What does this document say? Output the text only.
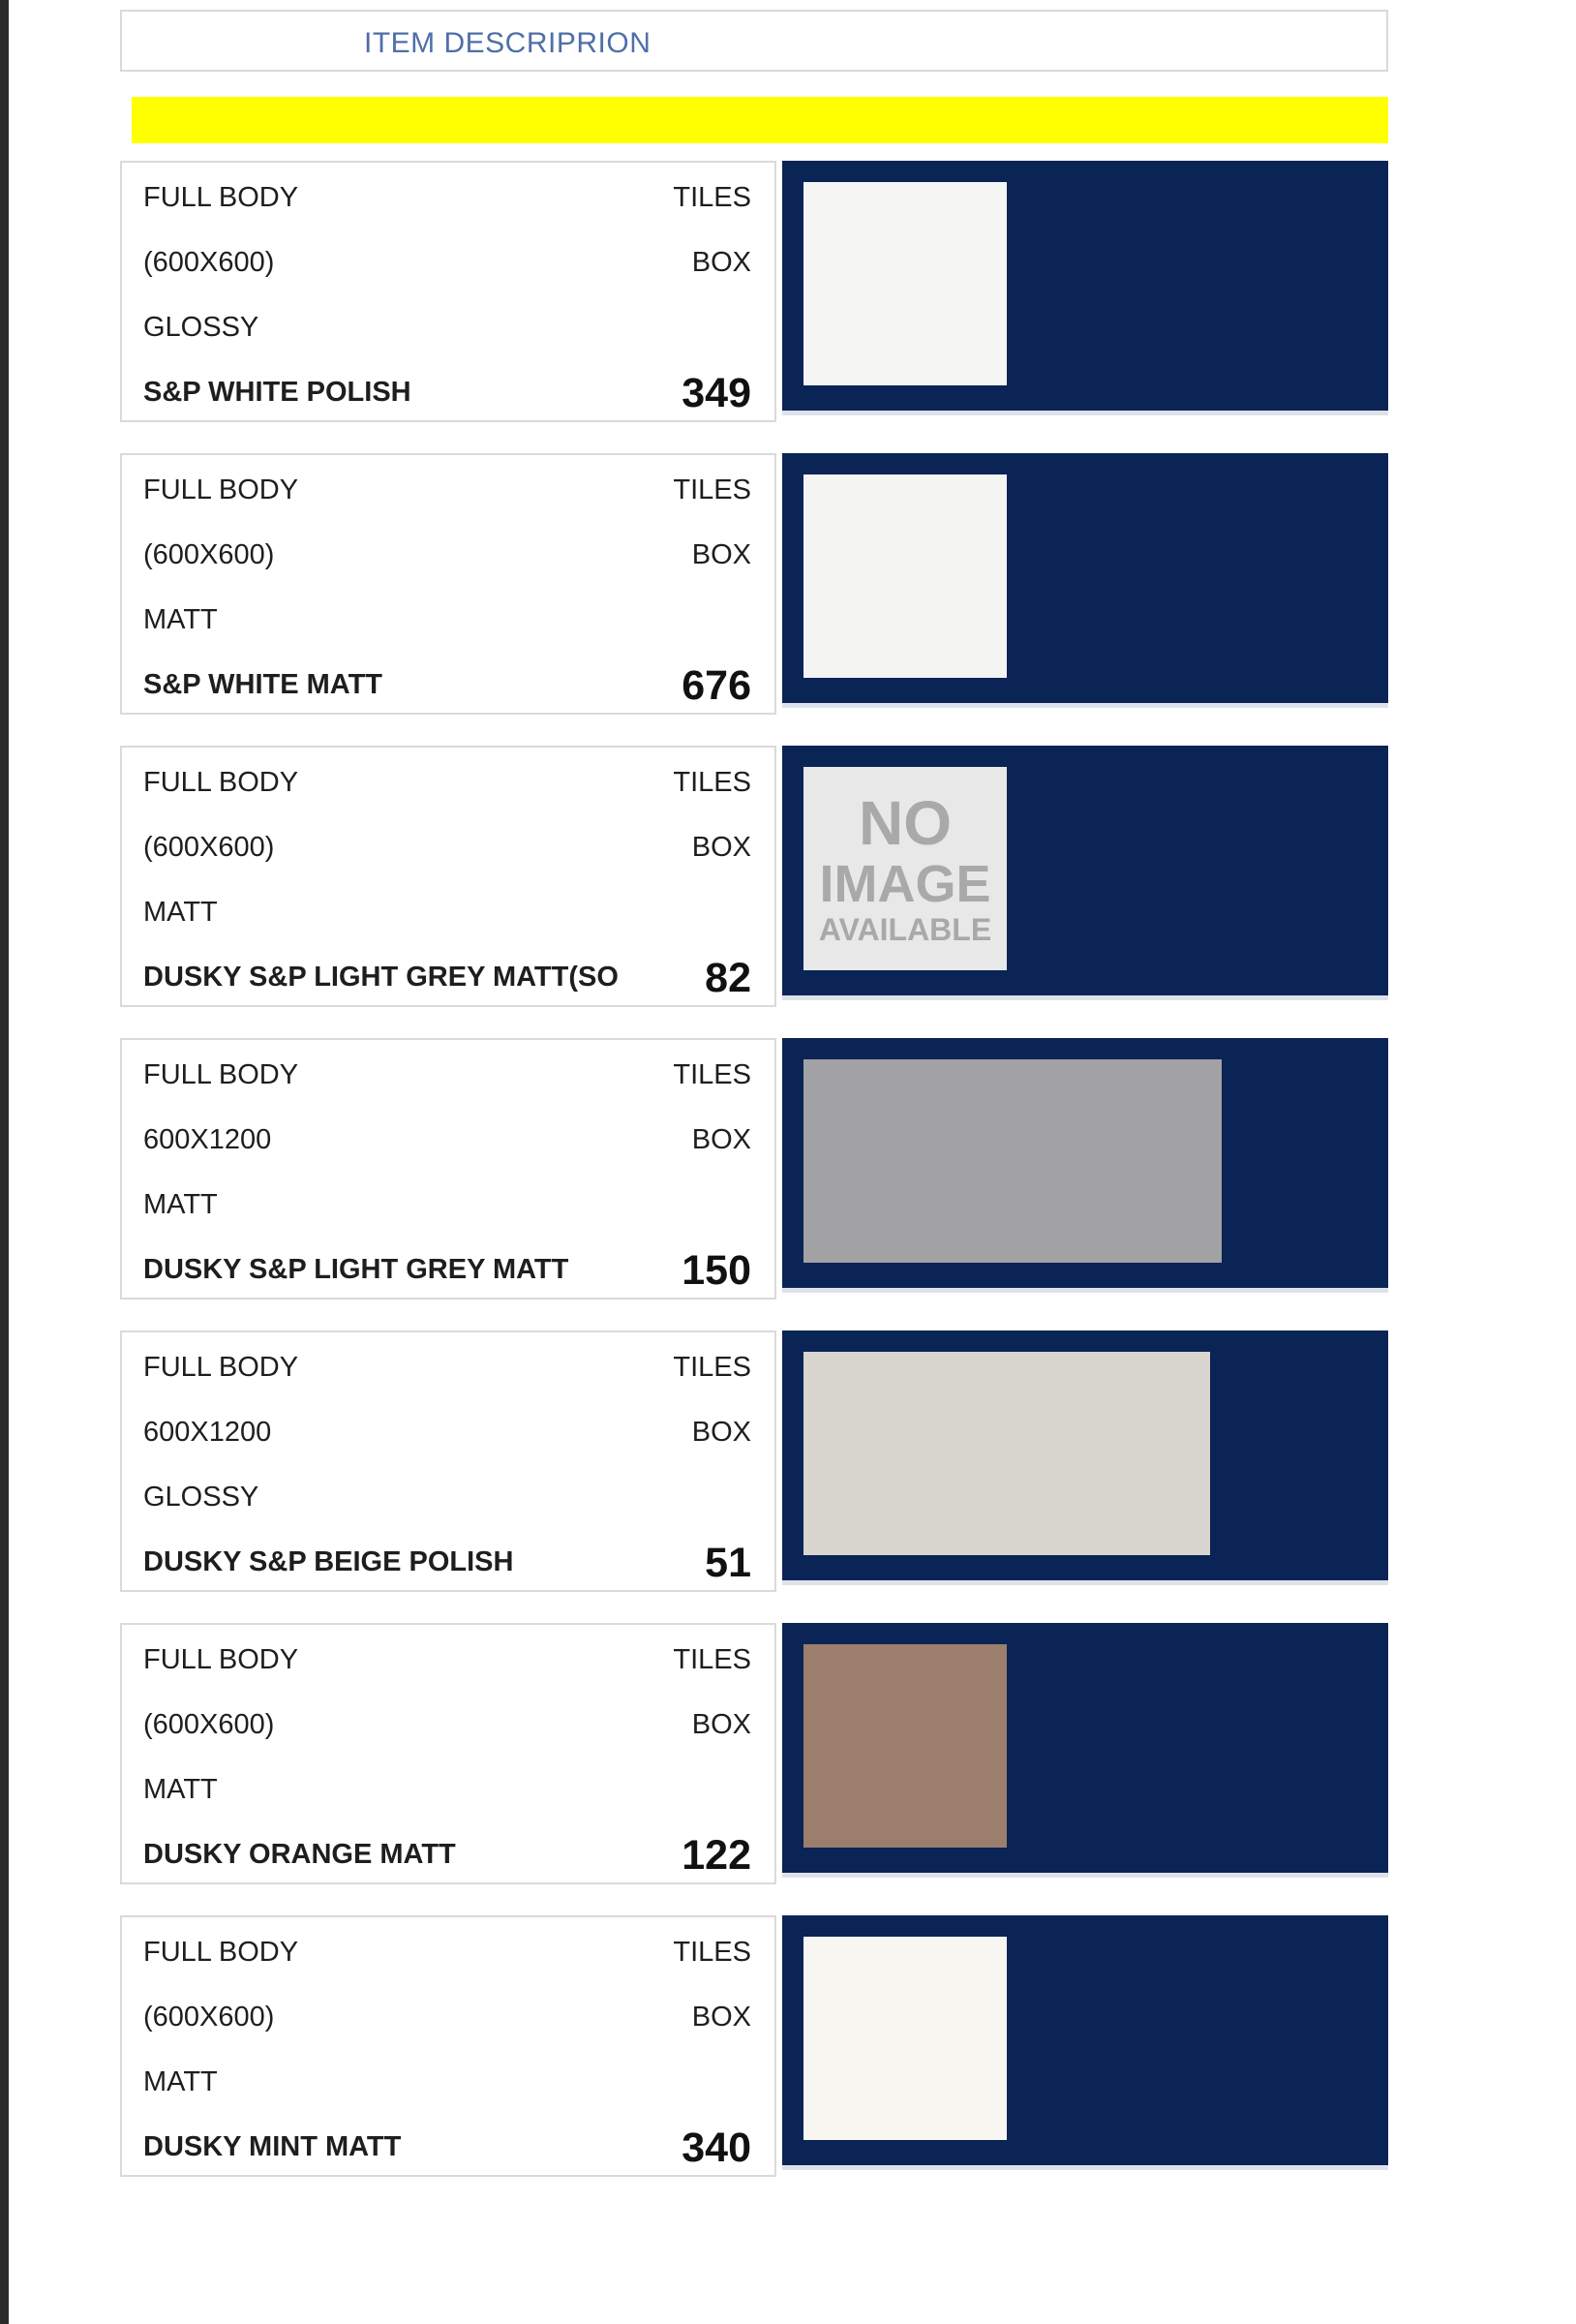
ITEM DESCRIPRION
FULL BODY
(600X600)
GLOSSY
S&P WHITE POLISH
TILES
BOX
349
FULL BODY
(600X600)
MATT
S&P WHITE MATT
TILES
BOX
676
FULL BODY
(600X600)
MATT
DUSKY S&P LIGHT GREY MATT(SO
TILES
BOX
82
NO
IMAGE
AVAILABLE
FULL BODY
600X1200
MATT
DUSKY S&P LIGHT GREY MATT
TILES
BOX
150
FULL BODY
600X1200
GLOSSY
DUSKY S&P BEIGE POLISH
TILES
BOX
51
FULL BODY
(600X600)
MATT
DUSKY ORANGE MATT
TILES
BOX
122
FULL BODY
(600X600)
MATT
DUSKY MINT MATT
TILES
BOX
340
